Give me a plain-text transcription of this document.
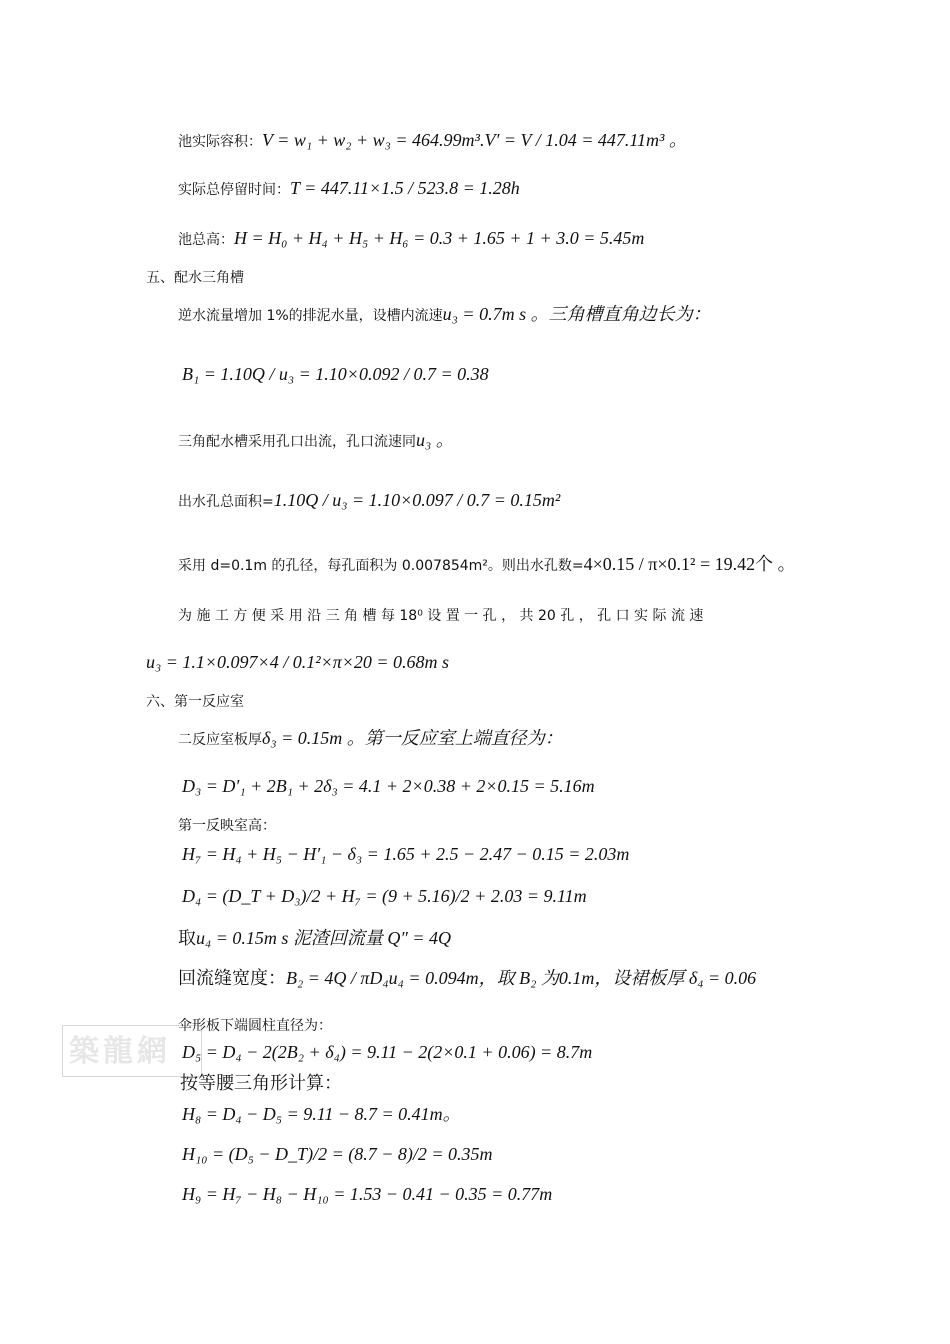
築龍網
池实际容积：V = w₁ + w₂ + w₃ = 464.99m³.V′ = V / 1.04 = 447.11m³ 。
实际总停留时间：T = 447.11×1.5 / 523.8 = 1.28h
池总高：H = H₀ + H₄ + H₅ + H₆ = 0.3 + 1.65 + 1 + 3.0 = 5.45m
五、配水三角槽
逆水流量增加 1%的排泥水量，设槽内流速u₃ = 0.7m s 。三角槽直角边长为：
B₁ = 1.10Q / u₃ = 1.10×0.092 / 0.7 = 0.38
三角配水槽采用孔口出流，孔口流速同u₃ 。
出水孔总面积=1.10Q / u₃ = 1.10×0.097 / 0.7 = 0.15m²
采用 d=0.1m 的孔径，每孔面积为 0.007854m²。则出水孔数=4×0.15 / π×0.1² = 19.42个 。
为 施 工 方 便 采 用 沿 三 角 槽 每 18⁰ 设 置 一 孔 ， 共 20 孔 ， 孔 口 实 际 流 速
u₃ = 1.1×0.097×4 / 0.1²×π×20 = 0.68m s
六、第一反应室
二反应室板厚δ₃ = 0.15m 。第一反应室上端直径为：
D₃ = D′₁ + 2B₁ + 2δ₃ = 4.1 + 2×0.38 + 2×0.15 = 5.16m
第一反映室高：
H₇ = H₄ + H₅ − H′₁ − δ₃ = 1.65 + 2.5 − 2.47 − 0.15 = 2.03m
D₄ = (D_T + D₃)/2 + H₇ = (9 + 5.16)/2 + 2.03 = 9.11m
取u₄ = 0.15m s 泥渣回流量 Q″ = 4Q
回流缝宽度：B₂ = 4Q / πD₄u₄ = 0.094m，取 B₂ 为0.1m，设裙板厚 δ₄ = 0.06
伞形板下端圆柱直径为：
D₅ = D₄ − 2(2B₂ + δ₄) = 9.11 − 2(2×0.1 + 0.06) = 8.7m
按等腰三角形计算：
H₈ = D₄ − D₅ = 9.11 − 8.7 = 0.41m。
H₁₀ = (D₅ − D_T)/2 = (8.7 − 8)/2 = 0.35m
H₉ = H₇ − H₈ − H₁₀ = 1.53 − 0.41 − 0.35 = 0.77m
